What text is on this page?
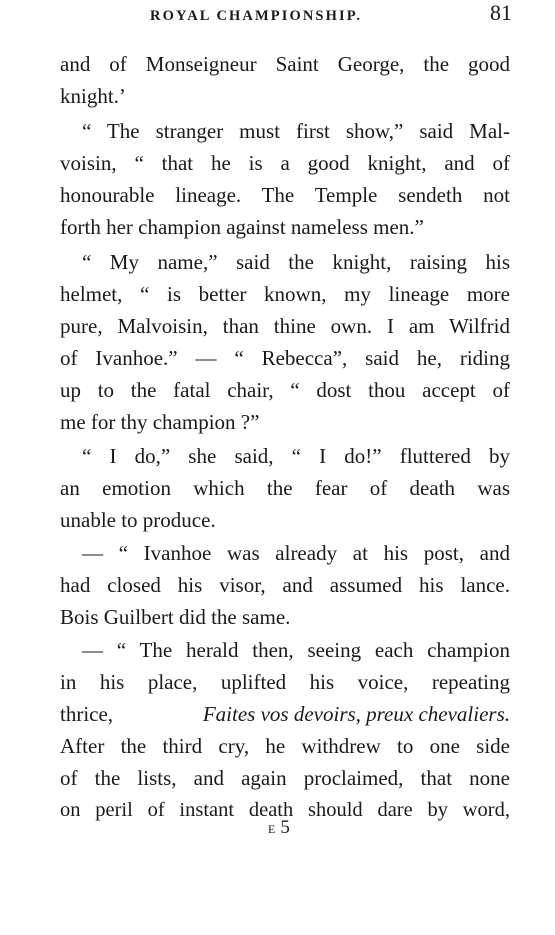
ROYAL CHAMPIONSHIP.	81
and of Monseigneur Saint George, the good
knight.’
“ The stranger must first show,” said Mal-
voisin, “ that he is a good knight, and of
honourable lineage. The Temple sendeth not
forth her champion against nameless men.”
“ My name,” said the knight, raising his
helmet, “ is better known, my lineage more
pure, Malvoisin, than thine own. I am Wilfrid
of Ivanhoe.” — “ Rebecca”, said he, riding
up to the fatal chair, “ dost thou accept of
me for thy champion ?”
“ I do,” she said, “ I do!” fluttered by
an emotion which the fear of death was
unable to produce.
— “ Ivanhoe was already at his post, and
had closed his visor, and assumed his lance.
Bois Guilbert did the same.
— “ The herald then, seeing each champion
in his place, uplifted his voice, repeating
thrice,	Faites vos devoirs, preux chevaliers.
After the third cry, he withdrew to one side
of the lists, and again proclaimed, that none
on peril of instant death should dare by word,
E 5
